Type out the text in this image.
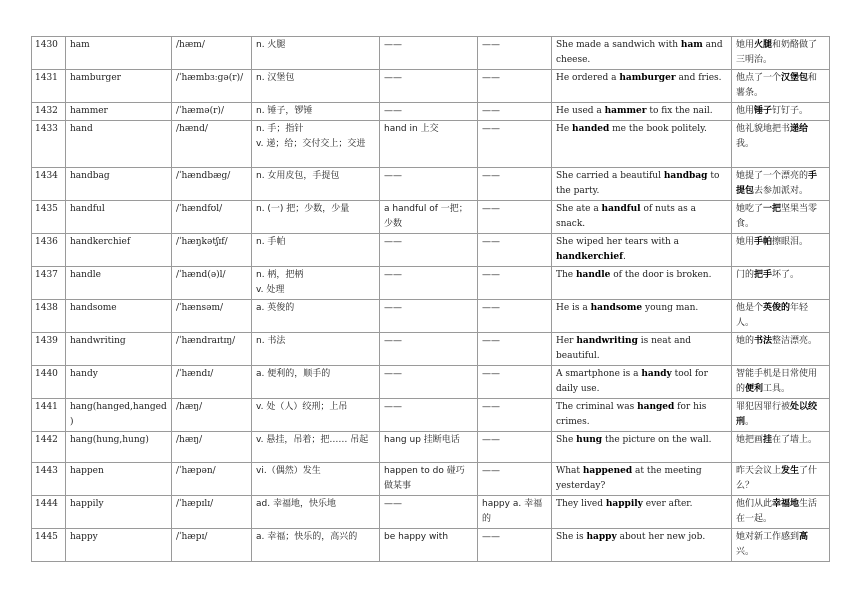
1430	ham	/hæm/	n. 火腿	——	——	She made a sandwich with ham and cheese.	她用火腿和奶酪做了三明治。
1431	hamburger	/ˈhæmbɜːgə(r)/	n. 汉堡包	——	——	He ordered a hamburger and fries.	他点了一个汉堡包和薯条。
1432	hammer	/ˈhæmə(r)/	n. 锤子，锣锤	——	——	He used a hammer to fix the nail.	他用锤子钉钉子。
1433	hand	/hænd/	n. 手；指针
v. 递；给；交付交上；交进	hand in 上交	——	He handed me the book politely.	他礼貌地把书递给我。
1434	handbag	/ˈhændbæg/	n. 女用皮包，手提包	——	——	She carried a beautiful handbag to the party.	她提了一个漂亮的手提包去参加派对。
1435	handful	/ˈhændfʊl/	n. (一) 把；少数，少量	a handful of 一把；少数	——	She ate a handful of nuts as a snack.	她吃了一把坚果当零食。
1436	handkerchief	/ˈhæŋkətʃɪf/	n. 手帕	——	——	She wiped her tears with a handkerchief.	她用手帕擦眼泪。
1437	handle	/ˈhænd(ə)l/	n. 柄，把柄
v. 处理	——	——	The handle of the door is broken.	门的把手坏了。
1438	handsome	/ˈhænsəm/	a. 英俊的	——	——	He is a handsome young man.	他是个英俊的年轻人。
1439	handwriting	/ˈhændraɪtɪŋ/	n. 书法	——	——	Her handwriting is neat and beautiful.	她的书法整洁漂亮。
1440	handy	/ˈhændɪ/	a. 便利的，顺手的	——	——	A smartphone is a handy tool for daily use.	智能手机是日常使用的便利工具。
1441	hang(hanged,hanged)	/hæŋ/	v. 处（人）绞刑；上吊	——	——	The criminal was hanged for his crimes.	罪犯因罪行被处以绞刑。
1442	hang(hung,hung)	/hæŋ/	v. 悬挂，吊着；把…… 吊起	hang up 挂断电话	——	She hung the picture on the wall.	她把画挂在了墙上。
1443	happen	/ˈhæpən/	vi.（偶然）发生	happen to do 碰巧做某事	——	What happened at the meeting yesterday?	昨天会议上发生了什么？
1444	happily	/ˈhæpɪlɪ/	ad. 幸福地，快乐地	——	happy a. 幸福的	They lived happily ever after.	他们从此幸福地生活在一起。
1445	happy	/ˈhæpɪ/	a. 幸福；快乐的，高兴的	be happy with	——	She is happy about her new job.	她对新工作感到高兴。
